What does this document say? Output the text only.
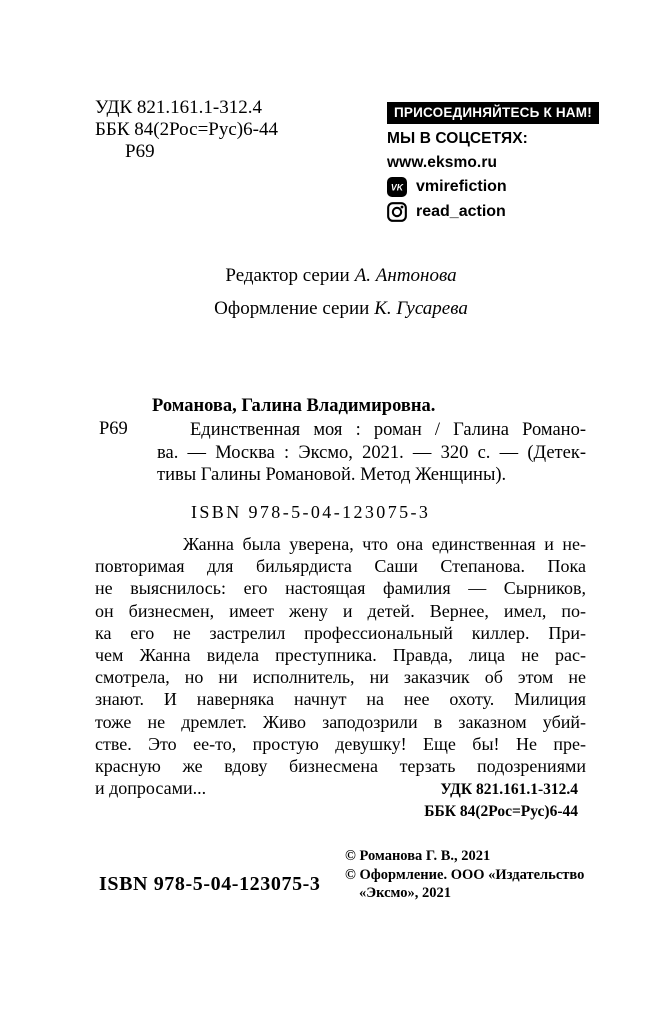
УДК 821.161.1-312.4
ББК 84(2Рос=Рус)6-44
Р69
ПРИСОЕДИНЯЙТЕСЬ К НАМ!
МЫ В СОЦСЕТЯХ:
www.eksmo.ru
VK vmirefiction
read_action
Редактор серии А. Антонова
Оформление серии К. Гусарева
Романова, Галина Владимировна.
Р69	Единственная моя : роман / Галина Романо-
ва. — Москва : Эксмо, 2021. — 320 с. — (Детек-
тивы Галины Романовой. Метод Женщины).
ISBN 978-5-04-123075-3
Жанна была уверена, что она единственная и не-
повторимая для бильярдиста Саши Степанова. Пока
не выяснилось: его настоящая фамилия — Сырников,
он бизнесмен, имеет жену и детей. Вернее, имел, по-
ка его не застрелил профессиональный киллер. При-
чем Жанна видела преступника. Правда, лица не рас-
смотрела, но ни исполнитель, ни заказчик об этом не
знают. И наверняка начнут на нее охоту. Милиция
тоже не дремлет. Живо заподозрили в заказном убий-
стве. Это ее-то, простую девушку! Еще бы! Не пре-
красную же вдову бизнесмена терзать подозрениями
и допросами...	УДК 821.161.1-312.4
ББК 84(2Рос=Рус)6-44
ISBN 978-5-04-123075-3
© Романова Г. В., 2021
© Оформление. ООО «Издательство
«Эксмо», 2021
